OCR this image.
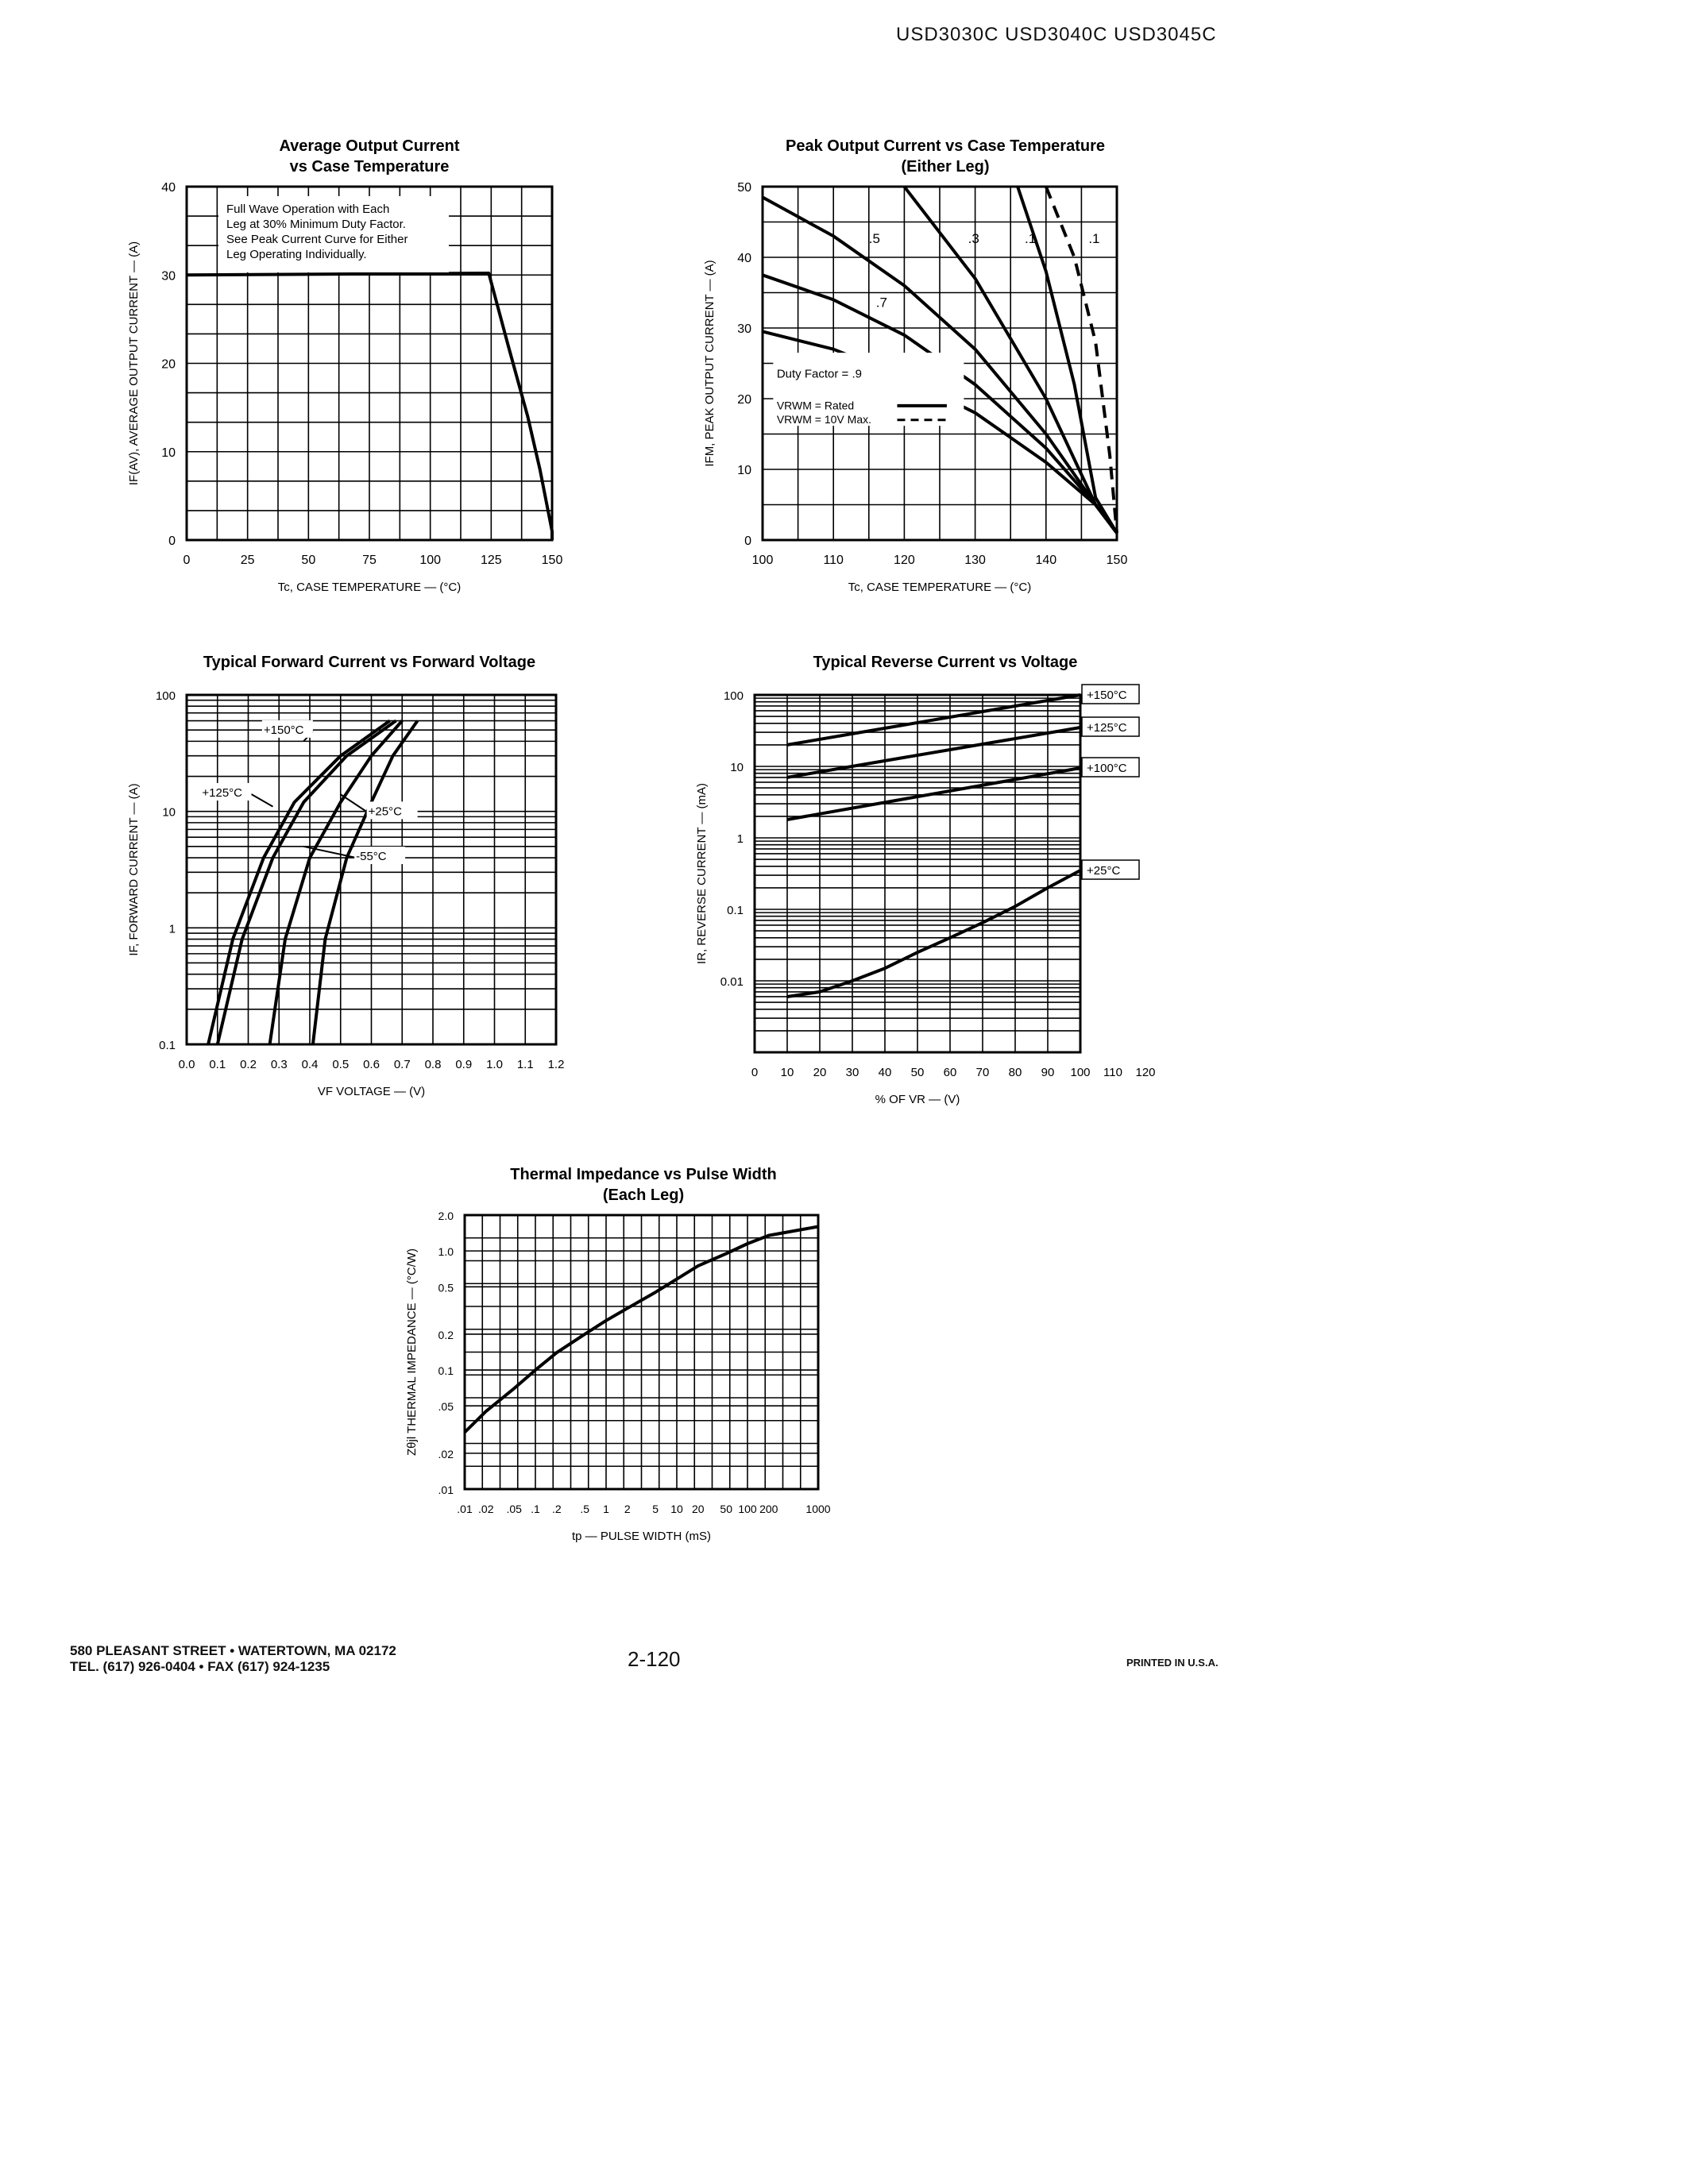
USD3030C USD3040C USD3045C
Average Output Current
vs Case Temperature
0	25	50	75	100	125	150
0
10
20
30
40
Tc, CASE TEMPERATURE — (°C)
IF(AV), AVERAGE OUTPUT CURRENT — (A)
Full Wave Operation with Each
Leg at 30% Minimum Duty Factor.
See Peak Current Curve for Either
Leg Operating Individually.
Peak Output Current vs Case Temperature
(Either Leg)
100	110	120	130	140	150
0
10
20
30
40
50
Tc, CASE TEMPERATURE — (°C)
IFM, PEAK OUTPUT CURRENT — (A)
.5	.3	.1	.1
.7
Duty Factor = .9
VRWM = Rated
VRWM = 10V Max.
Typical Forward Current vs Forward Voltage
0.0 0.1 0.2 0.3 0.4 0.5 0.6 0.7 0.8 0.9 1.0 1.1 1.2
0.1
1
10
100
VF VOLTAGE — (V)
IF, FORWARD CURRENT — (A)
+150°C
+125°C
+25°C
-55°C
Typical Reverse Current vs Voltage
0 10 20 30 40 50 60 70 80 90 100 110 120
0.01
0.1
1
10
100
% OF VR — (V)
IR, REVERSE CURRENT — (mA)
+150°C
+125°C
+100°C
+25°C
Thermal Impedance vs Pulse Width
(Each Leg)
.01 .02 .05 .1 .2 .5 1 2 5 10 20 50 100 200 1000
.01
.02
.05
0.1
0.2
0.5
1.0
2.0
tp — PULSE WIDTH (mS)
Zθjl THERMAL IMPEDANCE — (°C/W)
580 PLEASANT STREET • WATERTOWN, MA 02172
TEL. (617) 926-0404 • FAX (617) 924-1235	2-120	PRINTED IN U.S.A.
